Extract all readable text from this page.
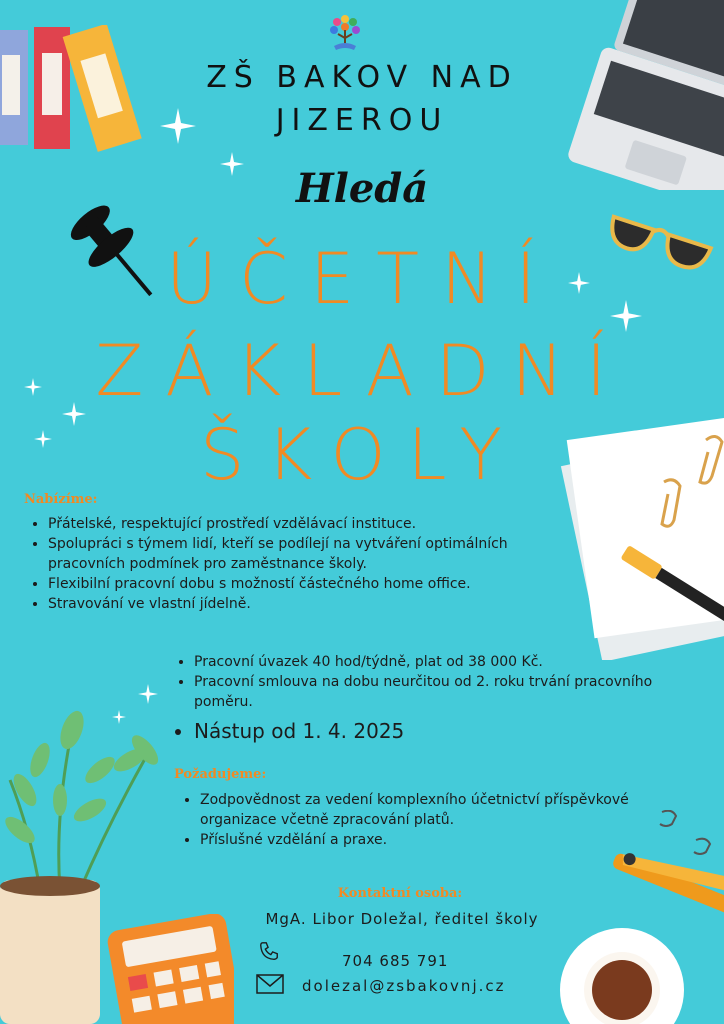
ZŠ BAKOV NAD
JIZEROU
Hledá
ÚČETNÍ
ZÁKLADNÍ
ŠKOLY
Nabízíme:
• Přátelské, respektující prostředí vzdělávací instituce.
• Spolupráci s týmem lidí, kteří se podílejí na vytváření optimálních pracovních podmínek pro zaměstnance školy.
• Flexibilní pracovní dobu s možností částečného home office.
• Stravování ve vlastní jídelně.
• Pracovní úvazek 40 hod/týdně, plat od 38 000 Kč.
• Pracovní smlouva na dobu neurčitou od 2. roku trvání pracovního poměru.
• Nástup od 1. 4. 2025
Požadujeme:
• Zodpovědnost za vedení komplexního účetnictví příspěvkové organizace včetně zpracování platů.
• Příslušné vzdělání a praxe.
Kontaktní osoba:
MgA. Libor Doležal, ředitel školy
704 685 791
dolezal@zsbakovnj.cz
